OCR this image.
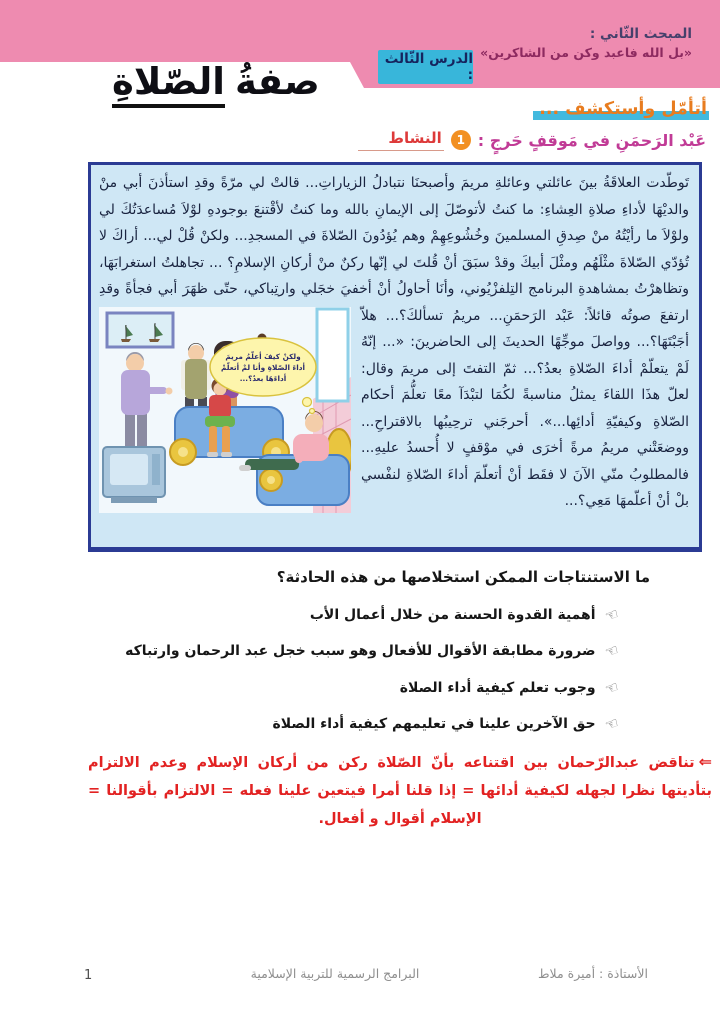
المبحث الثّاني :
«بل الله فاعبد وكن من الشاكرين»
الدرس الثّالث :
صفةُ
الصّلاةِ
أتأمّل وأستكشف ...
النشاط	1 عَبْد الرَحمَنِ في مَوقفٍ حَرجٍ :

تَوطّدت العلاقَةُ بينَ عائلتي وعائلةِ مريمَ وأصبحنَا نتبادلُ الزياراتِ... قالتْ لي مرّةً وقدِ استأذنَ أبي منْ والديْهَا لأداءِ صلاةِ العِشاءِ: ما كنتُ لأتوصّلَ إلى الإيمانِ بالله وما كنتُ لأقْتنعَ بوجودهِ لوْلاَ مُساعدَتُكَ لي ولوْلاَ ما رأيْتُهُ منْ صِدقِ المسلمينَ وخُشُوعِهِمْ وهم يُؤدُونَ الصّلاةَ في المسجدِ... ولكنْ قُلْ لي... أراكَ لا تُؤدّي الصّلاةَ مثْلَهُم ومثْلَ أبيكَ وقدْ سبَقَ أنْ قُلتَ لي إنّها ركنٌ منْ أركانِ الإسلامِ؟ ... تجاهلتُ استغرابَهَا، وتظاهرْتُ بمشاهدةِ البرنامج التِلفزْيُوني، وأنَا أحاولُ أنْ أخفيَ خجَلي وارتِباكي، حتّى ظهَرَ أبي فجأةً وقدِ ارتفعَ صوتُه قائلاً: عَبْد الرَحمَنِ... مريمُ
ولكنْ كيفَ أعلّمُ مريمَ
أداءَ الصّلاةِ وأنا لمْ أتعلّمْ
أداءَهَا بعدُ؟...
تسألكَ؟... هلاّ أجَبْتَهَا؟... وواصلَ موجِّهًا الحديثَ إلى الحاضرينَ: «... إنّهُ لَمْ يتعلّمْ أداءَ الصّلاةِ بعدُ؟... ثمّ التفتَ إلى مريمَ وقال: لعلّ هذَا اللقاءَ يمثلُ مناسبةً لكُمَا لتبْدَآ معًا تعلُّمَ أحكام الصّلاةِ وكيفيّةِ أدائِها...». أحرجَني ترحِيبُها بالاقتراحِ... ووضعَتْني مريمُ مرةً أخرَى في موْقفٍ لا أُحسدُ عليهِ... فالمطلوبُ منّي الآنَ لا فقَط أنْ أتعلّمَ أداءَ الصّلاةِ لنفْسي بلْ أنْ أعلّمهَا مَعِي؟...

ما الاستنتاجات الممكن استخلاصها من هذه الحادثة؟
☜
أهمية القدوة الحسنة من خلال أعمال الأب
☜
ضرورة مطابقة الأقوال للأفعال وهو سبب خجل عبد الرحمان وارتباكه
☜
وجوب تعلم كيفية أداء الصلاة
☜
حق الآخرين علينا في تعليمهم كيفية أداء الصلاة
⇐تناقض عبدالرّحمان بين اقتناعه بأنّ الصّلاة ركن من أركان الإسلام وعدم الالتزام بتأديتها نظرا لجهله لكيفية أدائها = إذا قلنا أمرا فيتعين علينا فعله = الالتزام بأقوالنا = الإسلام أقوال و أفعال.
1	البرامج الرسمية للتربية الإسلامية	الأستاذة : أميرة ملاط
